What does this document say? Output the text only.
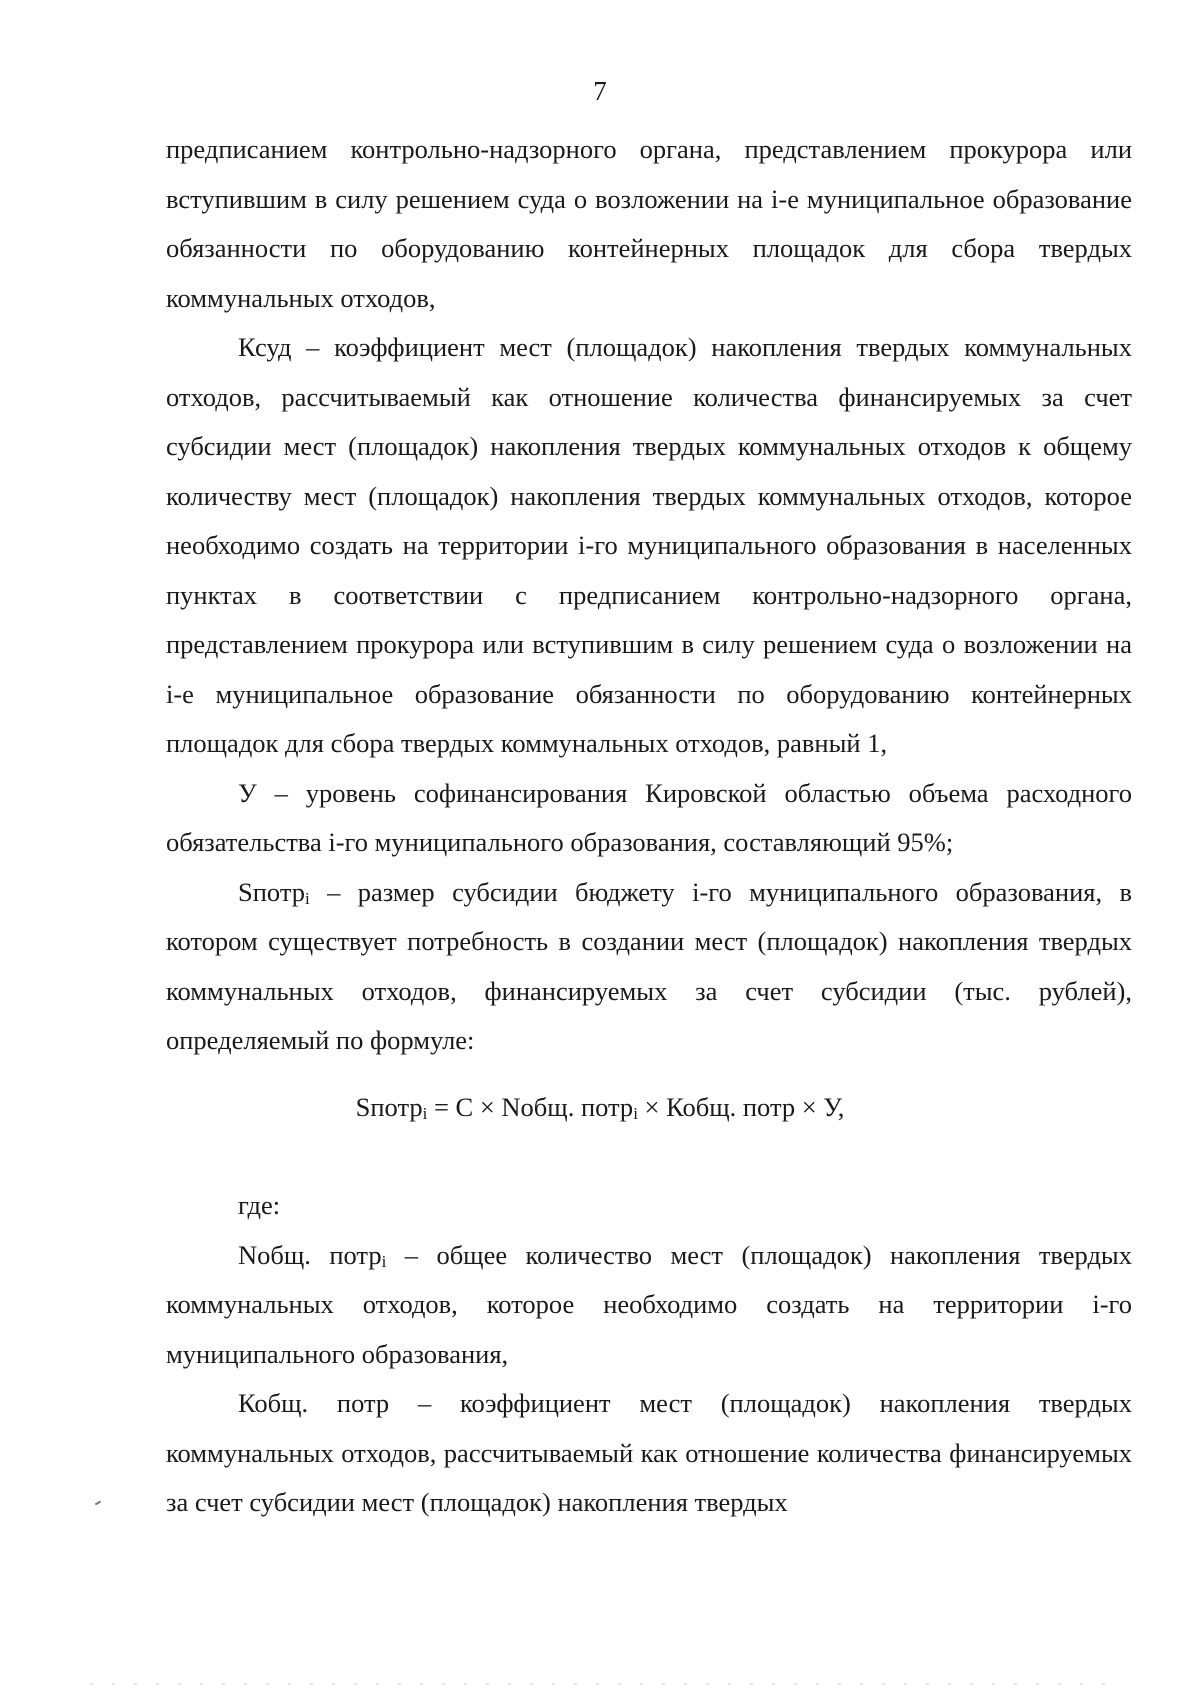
7

предписанием контрольно-надзорного органа, представлением прокурора или вступившим в силу решением суда о возложении на i-е муниципальное образование обязанности по оборудованию контейнерных площадок для сбора твердых коммунальных отходов,

Ксуд – коэффициент мест (площадок) накопления твердых коммунальных отходов, рассчитываемый как отношение количества финансируемых за счет субсидии мест (площадок) накопления твердых коммунальных отходов к общему количеству мест (площадок) накопления твердых коммунальных отходов, которое необходимо создать на территории i-го муниципального образования в населенных пунктах в соответствии с предписанием контрольно-надзорного органа, представлением прокурора или вступившим в силу решением суда о возложении на i-е муниципальное образование обязанности по оборудованию контейнерных площадок для сбора твердых коммунальных отходов, равный 1,

У – уровень софинансирования Кировской областью объема расходного обязательства i-го муниципального образования, составляющий 95%;

Sпотр$_i$ – размер субсидии бюджету i-го муниципального образования, в котором существует потребность в создании мест (площадок) накопления твердых коммунальных отходов, финансируемых за счет субсидии (тыс. рублей), определяемый по формуле:

Sпотр$_i$ = С × Nобщ. потр$_i$ × Кобщ. потр × У,

где:

Nобщ. потр$_i$ – общее количество мест (площадок) накопления твердых коммунальных отходов, которое необходимо создать на территории i-го муниципального образования,

Кобщ. потр – коэффициент мест (площадок) накопления твердых коммунальных отходов, рассчитываемый как отношение количества финансируемых за счет субсидии мест (площадок) накопления твердых
